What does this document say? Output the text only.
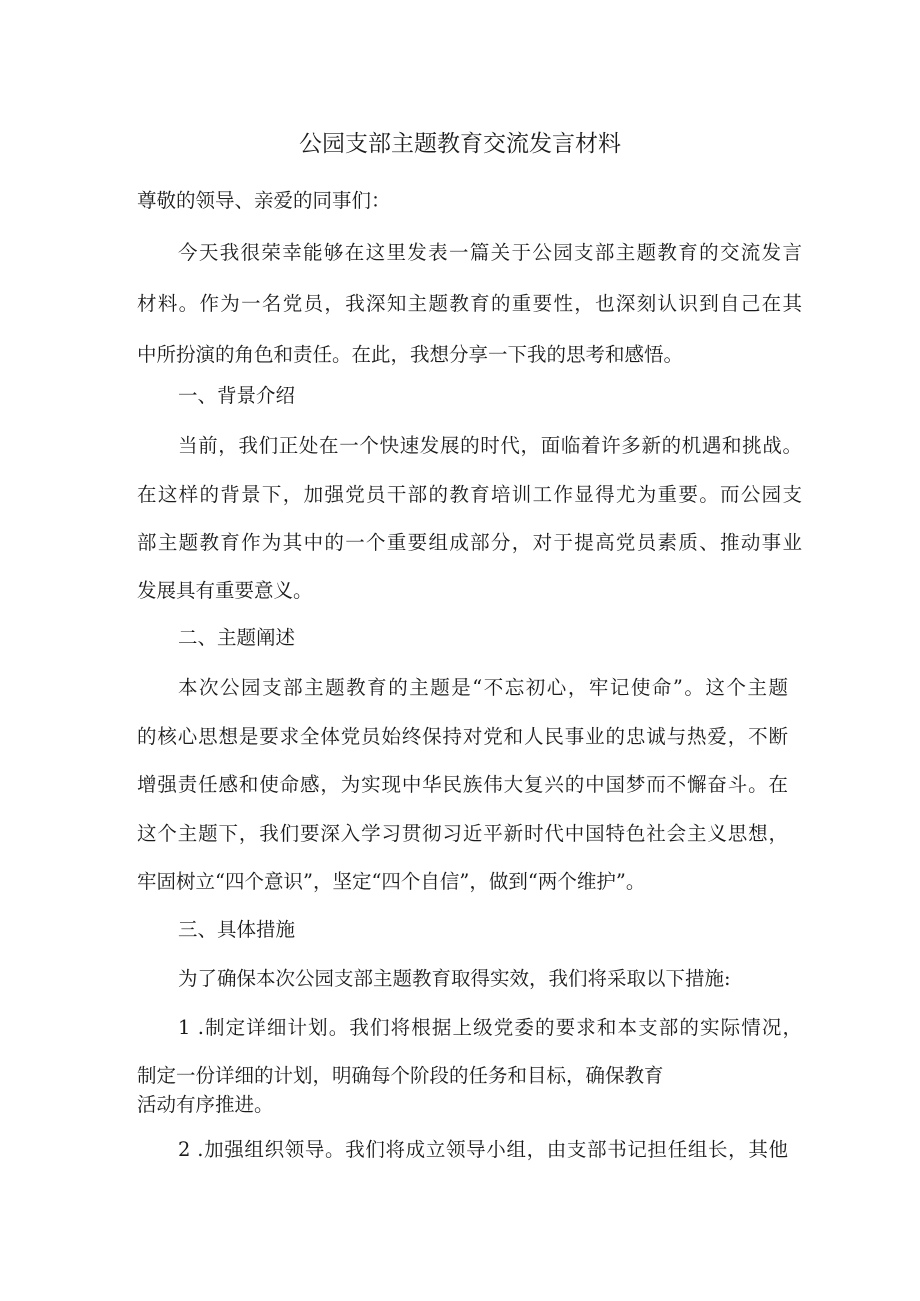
公园支部主题教育交流发言材料
尊敬的领导、亲爱的同事们：
今天我很荣幸能够在这里发表一篇关于公园支部主题教育的交流发言
材料。作为一名党员，我深知主题教育的重要性，也深刻认识到自己在其
中所扮演的角色和责任。在此，我想分享一下我的思考和感悟。
一、背景介绍
当前，我们正处在一个快速发展的时代，面临着许多新的机遇和挑战。
在这样的背景下，加强党员干部的教育培训工作显得尤为重要。而公园支
部主题教育作为其中的一个重要组成部分，对于提高党员素质、推动事业
发展具有重要意义。
二、主题阐述
本次公园支部主题教育的主题是“不忘初心，牢记使命”。这个主题
的核心思想是要求全体党员始终保持对党和人民事业的忠诚与热爱，不断
增强责任感和使命感，为实现中华民族伟大复兴的中国梦而不懈奋斗。在
这个主题下，我们要深入学习贯彻习近平新时代中国特色社会主义思想，
牢固树立“四个意识”，坚定“四个自信”，做到“两个维护”。
三、具体措施
为了确保本次公园支部主题教育取得实效，我们将采取以下措施:
1 .制定详细计划。我们将根据上级党委的要求和本支部的实际情况，
制定一份详细的计划，明确每个阶段的任务和目标，确保教育
活动有序推进。
2 .加强组织领导。我们将成立领导小组，由支部书记担任组长，其他
